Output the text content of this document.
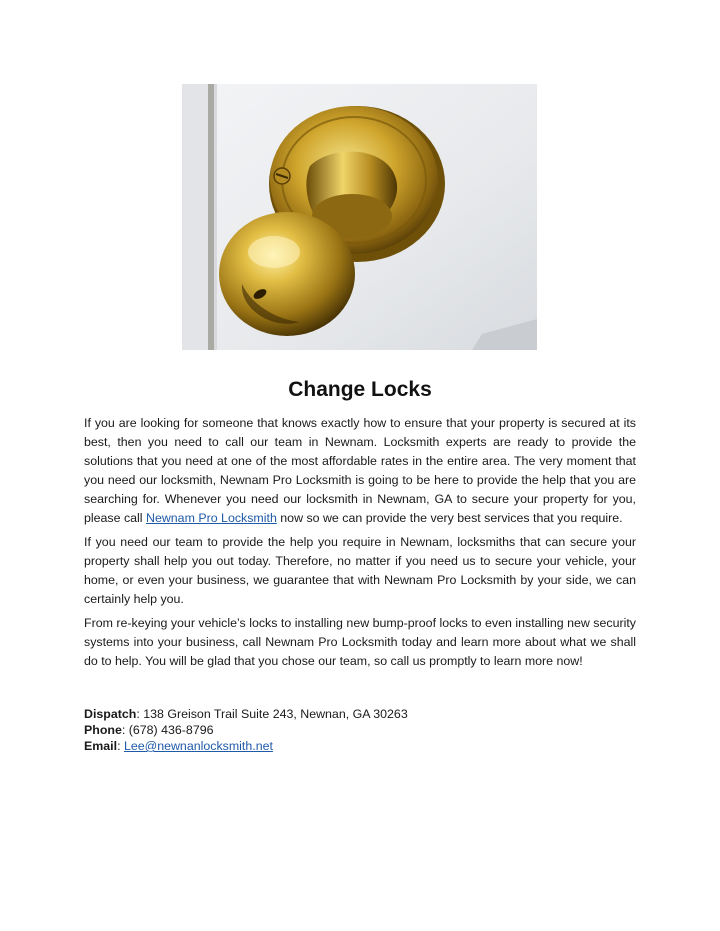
Change Locks

If you are looking for someone that knows exactly how to ensure that your property is secured at its best, then you need to call our team in Newnam. Locksmith experts are ready to provide the solutions that you need at one of the most affordable rates in the entire area. The very moment that you need our locksmith, Newnam Pro Locksmith is going to be here to provide the help that you are searching for. Whenever you need our locksmith in Newnam, GA to secure your property for you, please call Newnam Pro Locksmith now so we can provide the very best services that you require.

If you need our team to provide the help you require in Newnam, locksmiths that can secure your property shall help you out today. Therefore, no matter if you need us to secure your vehicle, your home, or even your business, we guarantee that with Newnam Pro Locksmith by your side, we can certainly help you.

From re-keying your vehicle’s locks to installing new bump-proof locks to even installing new security systems into your business, call Newnam Pro Locksmith today and learn more about what we shall do to help. You will be glad that you chose our team, so call us promptly to learn more now!

Dispatch: 138 Greison Trail Suite 243, Newnan, GA 30263

Phone: (678) 436-8796

Email: Lee@newnanlocksmith.net
